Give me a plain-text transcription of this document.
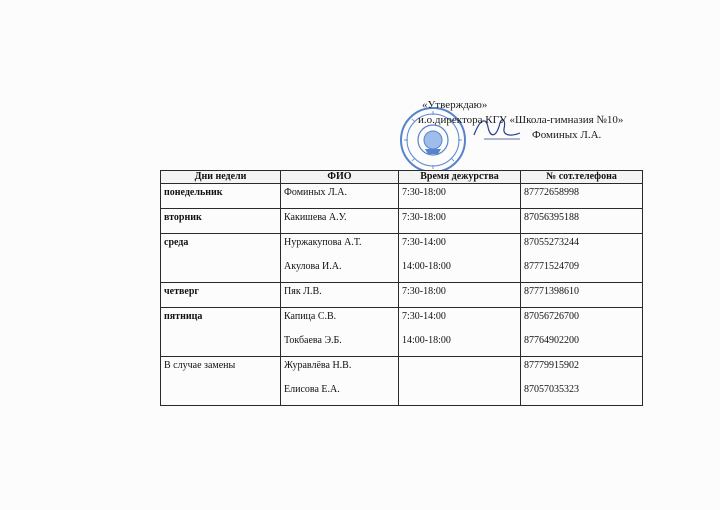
«Утверждаю»
и.о.директора КГУ «Школа-гимназия №10»
Фоминых Л.А.
Дни недели	ФИО	Время дежурства	№ сот.телефона
понедельник	Фоминых Л.А.	7:30-18:00	87772658998
вторник	Какишева А.У.	7:30-18:00	87056395188
среда	Нуржакупова А.Т.	7:30-14:00	87055273244
	Акулова И.А.	14:00-18:00	87771524709
четверг	Пяк Л.В.	7:30-18:00	87771398610
пятница	Капица С.В.	7:30-14:00	87056726700
	Токбаева Э.Б.	14:00-18:00	87764902200
В случае замены	Журавлёва Н.В.		87779915902
	Елисова Е.А.		87057035323
